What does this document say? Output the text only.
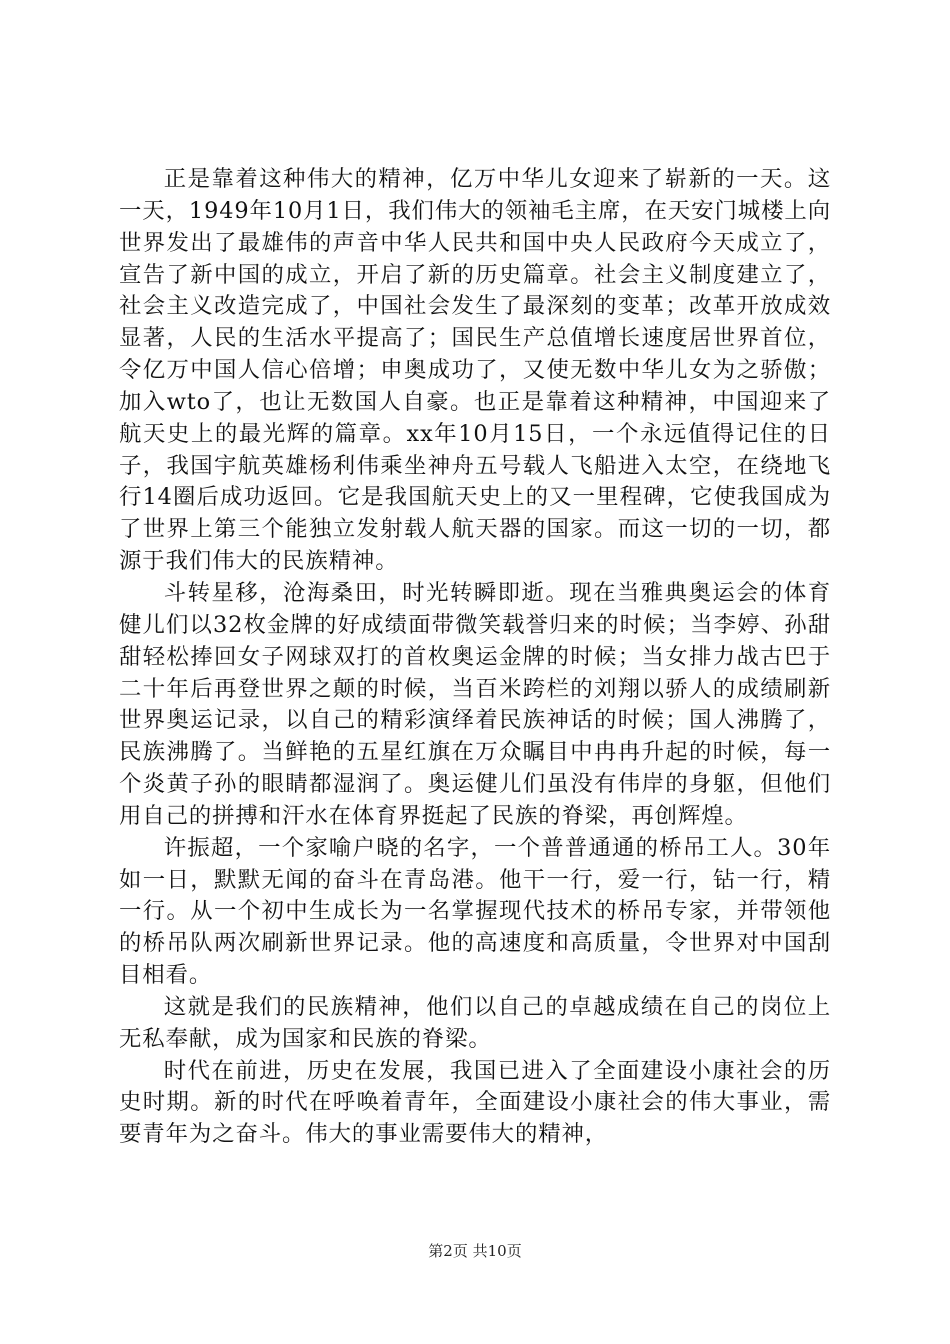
正是靠着这种伟大的精神，亿万中华儿女迎来了崭新的一天。这一天，1949年10月1日，我们伟大的领袖毛主席，在天安门城楼上向世界发出了最雄伟的声音中华人民共和国中央人民政府今天成立了，宣告了新中国的成立，开启了新的历史篇章。社会主义制度建立了，社会主义改造完成了，中国社会发生了最深刻的变革；改革开放成效显著，人民的生活水平提高了；国民生产总值增长速度居世界首位，令亿万中国人信心倍增；申奥成功了，又使无数中华儿女为之骄傲；加入wto了，也让无数国人自豪。也正是靠着这种精神，中国迎来了航天史上的最光辉的篇章。xx年10月15日，一个永远值得记住的日子，我国宇航英雄杨利伟乘坐神舟五号载人飞船进入太空，在绕地飞行14圈后成功返回。它是我国航天史上的又一里程碑，它使我国成为了世界上第三个能独立发射载人航天器的国家。而这一切的一切，都源于我们伟大的民族精神。

斗转星移，沧海桑田，时光转瞬即逝。现在当雅典奥运会的体育健儿们以32枚金牌的好成绩面带微笑载誉归来的时候；当李婷、孙甜甜轻松捧回女子网球双打的首枚奥运金牌的时候；当女排力战古巴于二十年后再登世界之颠的时候，当百米跨栏的刘翔以骄人的成绩刷新世界奥运记录，以自己的精彩演绎着民族神话的时候；国人沸腾了，民族沸腾了。当鲜艳的五星红旗在万众瞩目中冉冉升起的时候，每一个炎黄子孙的眼睛都湿润了。奥运健儿们虽没有伟岸的身躯，但他们用自己的拼搏和汗水在体育界挺起了民族的脊梁，再创辉煌。

许振超，一个家喻户晓的名字，一个普普通通的桥吊工人。30年如一日，默默无闻的奋斗在青岛港。他干一行，爱一行，钻一行，精一行。从一个初中生成长为一名掌握现代技术的桥吊专家，并带领他的桥吊队两次刷新世界记录。他的高速度和高质量，令世界对中国刮目相看。

这就是我们的民族精神，他们以自己的卓越成绩在自己的岗位上无私奉献，成为国家和民族的脊梁。

时代在前进，历史在发展，我国已进入了全面建设小康社会的历史时期。新的时代在呼唤着青年，全面建设小康社会的伟大事业，需要青年为之奋斗。伟大的事业需要伟大的精神，

第2页 共10页
